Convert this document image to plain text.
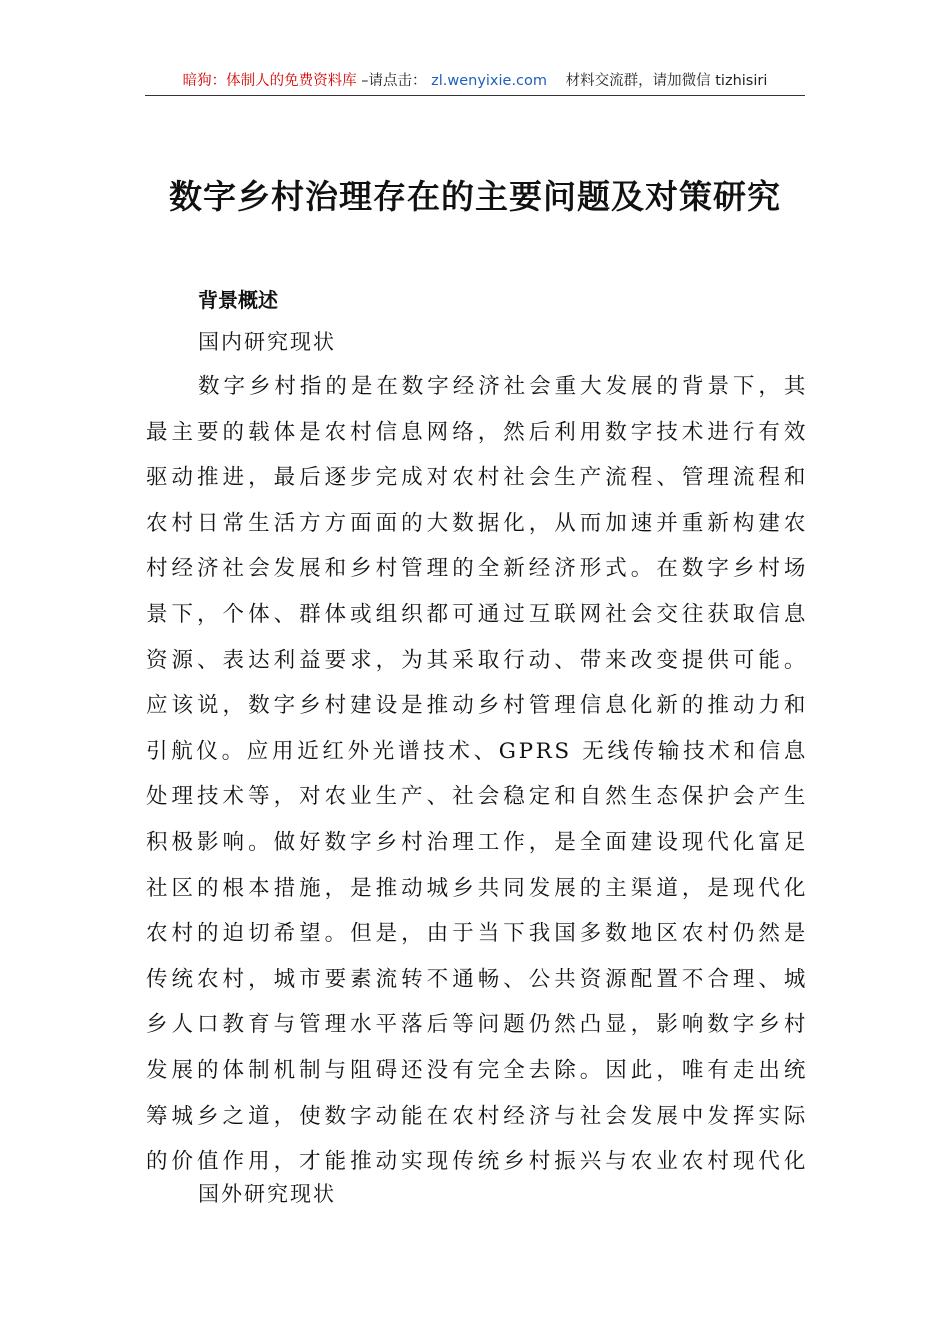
暗狗：体制人的免费资料库 –请点击： zl.wenyixie.com 材料交流群，请加微信 tizhisiri
数字乡村治理存在的主要问题及对策研究
背景概述
国内研究现状
数字乡村指的是在数字经济社会重大发展的背景下，其
最主要的载体是农村信息网络，然后利用数字技术进行有效
驱动推进，最后逐步完成对农村社会生产流程、管理流程和
农村日常生活方方面面的大数据化，从而加速并重新构建农
村经济社会发展和乡村管理的全新经济形式。在数字乡村场
景下，个体、群体或组织都可通过互联网社会交往获取信息
资源、表达利益要求，为其采取行动、带来改变提供可能。
应该说，数字乡村建设是推动乡村管理信息化新的推动力和
引航仪。应用近红外光谱技术、GPRS 无线传输技术和信息
处理技术等，对农业生产、社会稳定和自然生态保护会产生
积极影响。做好数字乡村治理工作，是全面建设现代化富足
社区的根本措施，是推动城乡共同发展的主渠道，是现代化
农村的迫切希望。但是，由于当下我国多数地区农村仍然是
传统农村，城市要素流转不通畅、公共资源配置不合理、城
乡人口教育与管理水平落后等问题仍然凸显，影响数字乡村
发展的体制机制与阻碍还没有完全去除。因此，唯有走出统
筹城乡之道，使数字动能在农村经济与社会发展中发挥实际
的价值作用，才能推动实现传统乡村振兴与农业农村现代化
国外研究现状
